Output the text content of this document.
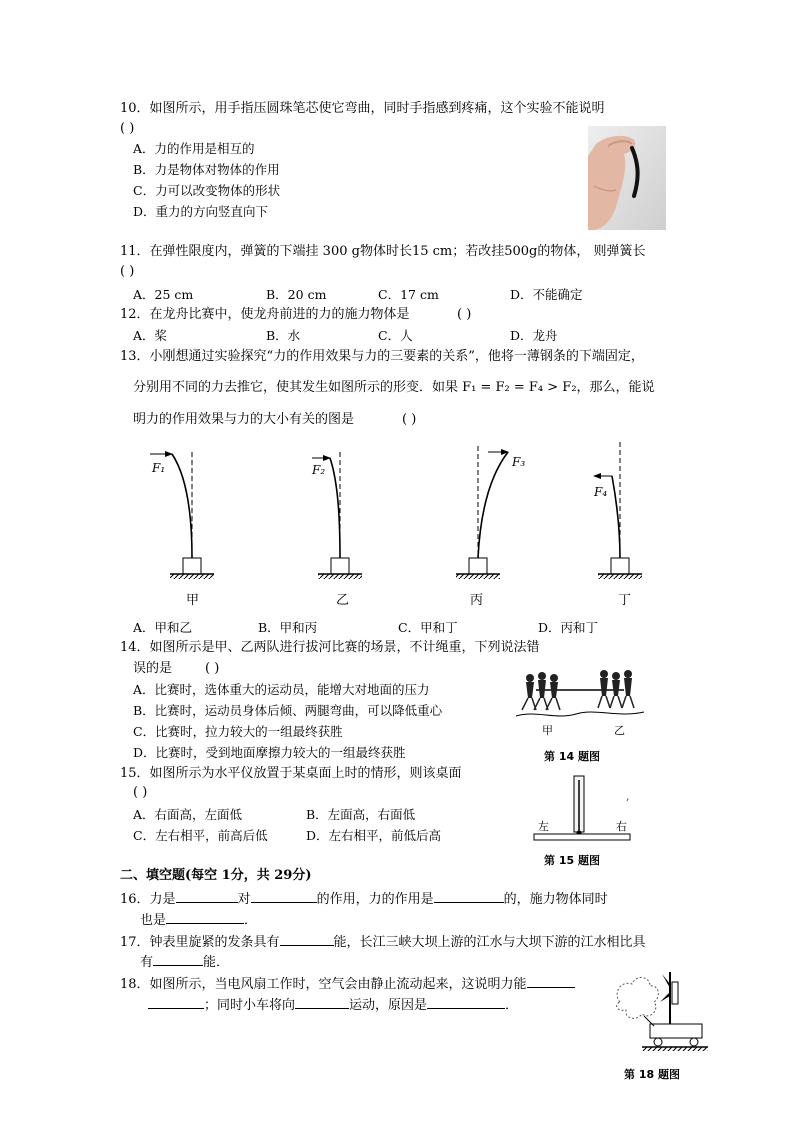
10．如图所示，用手指压圆珠笔芯使它弯曲，同时手指感到疼痛，这个实验不能说明
( )
A．力的作用是相互的
B．力是物体对物体的作用
C．力可以改变物体的形状
D．重力的方向竖直向下
11．在弹性限度内，弹簧的下端挂 300 g物体时长15 cm；若改挂500g的物体， 则弹簧长
( )
A．25 cm	B．20 cm	C．17 cm	D．不能确定
12．在龙舟比赛中，使龙舟前进的力的施力物体是	( )
A．桨	B．水	C．人	D．龙舟
13．小刚想通过实验探究“力的作用效果与力的三要素的关系”，他将一薄钢条的下端固定，
分别用不同的力去推它，使其发生如图所示的形变．如果 F₁ = F₂ = F₄ > F₂，那么，能说
明力的作用效果与力的大小有关的图是	( )
F₁
甲
F₂
乙
F₃
丙
F₄
丁
A．甲和乙	B．甲和丙	C．甲和丁	D．丙和丁
14．如图所示是甲、乙两队进行拔河比赛的场景，不计绳重，下列说法错
误的是	( )
A．比赛时，选体重大的运动员，能增大对地面的压力
B．比赛时，运动员身体后倾、两腿弯曲，可以降低重心
C．比赛时，拉力较大的一组最终获胜
D．比赛时，受到地面摩擦力较大的一组最终获胜
甲	乙
第 14 题图
15．如图所示为水平仪放置于某桌面上时的情形，则该桌面
( )
A．右面高，左面低	B．左面高，右面低
C．左右相平，前高后低	D．左右相平，前低后高
左	右
,
第 15 题图
二、填空题(每空 1分，共 29分)
16．力是	对	的作用，力的作用是	的，施力物体同时
也是	．
17．钟表里旋紧的发条具有	能，长江三峡大坝上游的江水与大坝下游的江水相比具
有	能．
18．如图所示，当电风扇工作时，空气会由静止流动起来，这说明力能
；同时小车将向	运动，原因是	．
第 18 题图
